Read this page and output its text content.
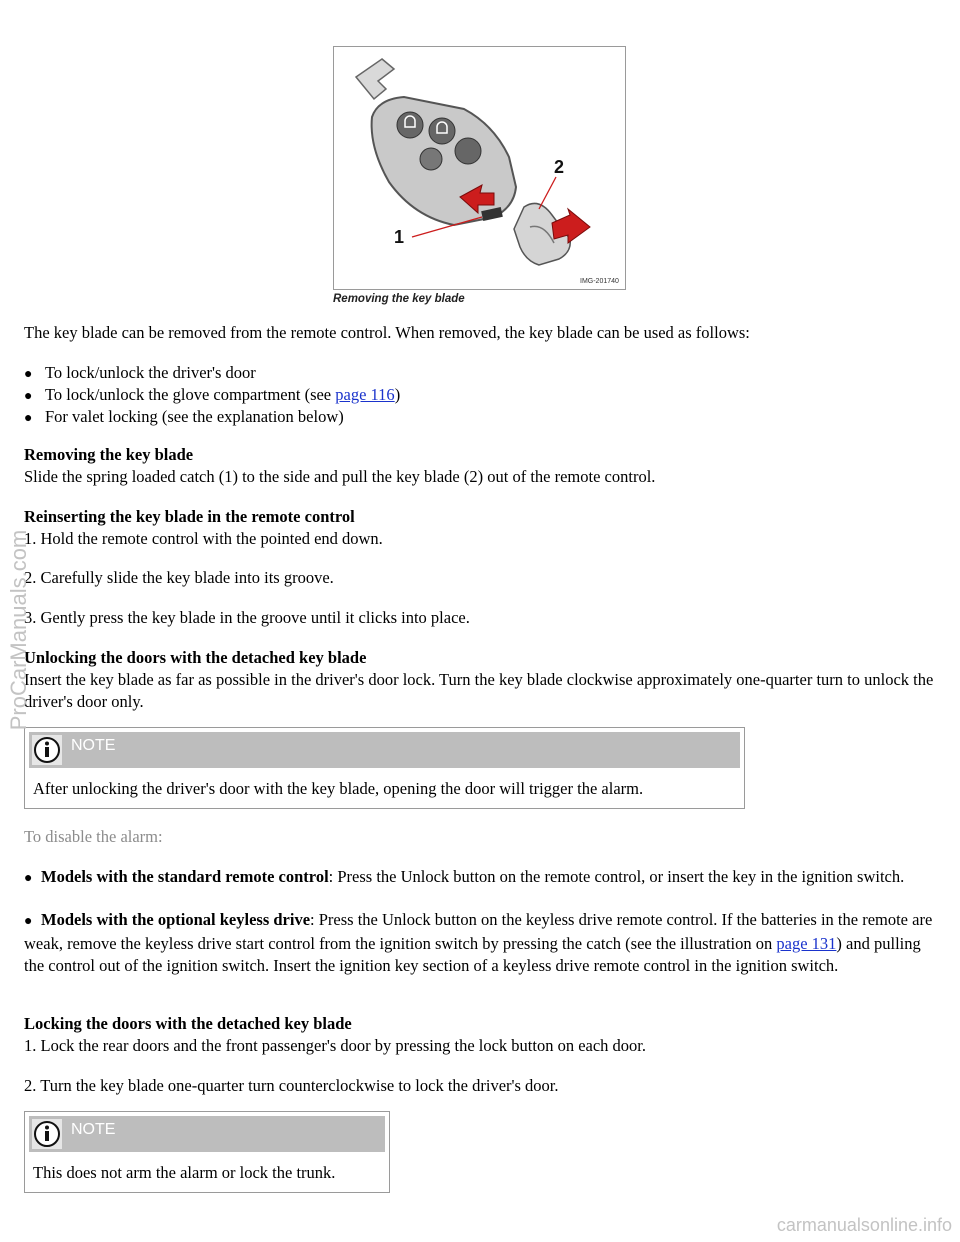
1
2
IMG-201740
Removing the key blade

The key blade can be removed from the remote control. When removed, the key blade can be used as follows:

● To lock/unlock the driver's door
● To lock/unlock the glove compartment (see page 116)
● For valet locking (see the explanation below)

Removing the key blade

Slide the spring loaded catch (1) to the side and pull the key blade (2) out of the remote control.

Reinserting the key blade in the remote control

1. Hold the remote control with the pointed end down.

2. Carefully slide the key blade into its groove.

3. Gently press the key blade in the groove until it clicks into place.

Unlocking the doors with the detached key blade

Insert the key blade as far as possible in the driver's door lock. Turn the key blade clockwise approximately one-quarter turn to unlock the driver's door only.

NOTE

After unlocking the driver's door with the key blade, opening the door will trigger the alarm.

To disable the alarm:

● Models with the standard remote control: Press the Unlock button on the remote control, or insert the key in the ignition switch.
● Models with the optional keyless drive: Press the Unlock button on the keyless drive remote control. If the batteries in the remote are weak, remove the keyless drive start control from the ignition switch by pressing the catch (see the illustration on page 131) and pulling the control out of the ignition switch. Insert the ignition key section of a keyless drive remote control in the ignition switch.

Locking the doors with the detached key blade

1. Lock the rear doors and the front passenger's door by pressing the lock button on each door.

2. Turn the key blade one-quarter turn counterclockwise to lock the driver's door.

NOTE

This does not arm the alarm or lock the trunk.

ProCarManuals.com
carmanualsonline.info
